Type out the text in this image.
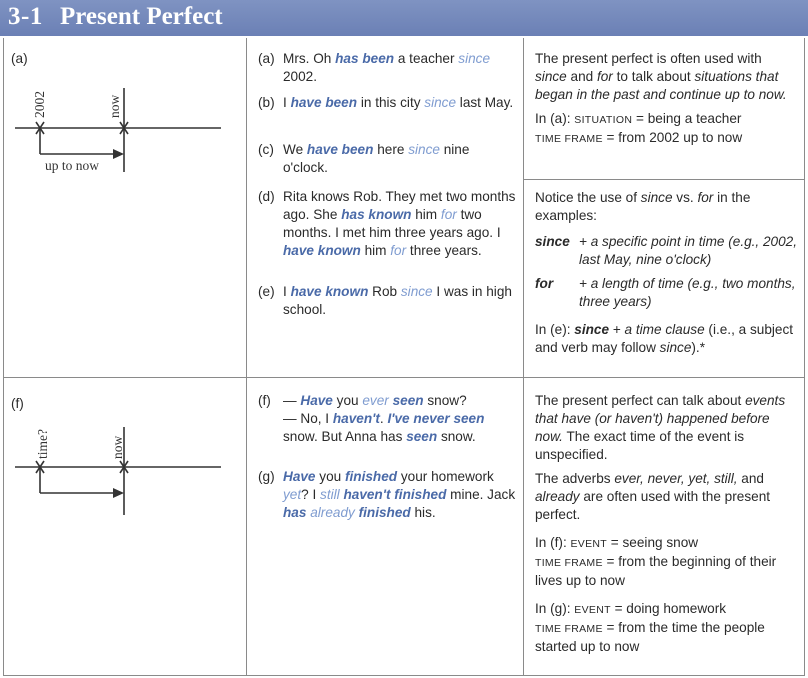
3-1 Present Perfect
(a)
2002	now
up to now
(f)
time?	now
(a) Mrs. Oh has been a teacher since 2002.
(b) I have been in this city since last May.
(c) We have been here since nine o'clock.
(d) Rita knows Rob. They met two months ago. She has known him for two months. I met him three years ago. I have known him for three years.
(e) I have known Rob since I was in high school.
(f) — Have you ever seen snow?
— No, I haven't. I've never seen snow. But Anna has seen snow.
(g) Have you finished your homework yet? I still haven't finished mine. Jack has already finished his.

The present perfect is often used with since and for to talk about situations that began in the past and continue up to now.

In (a): SITUATION = being a teacher
TIME FRAME = from 2002 up to now

Notice the use of since vs. for in the examples:

since + a specific point in time (e.g., 2002, last May, nine o'clock)
for	+ a length of time (e.g., two months, three years)

In (e): since + a time clause (i.e., a subject and verb may follow since).*

The present perfect can talk about events that have (or haven't) happened before now. The exact time of the event is unspecified.

The adverbs ever, never, yet, still, and already are often used with the present perfect.

In (f): EVENT = seeing snow
TIME FRAME = from the beginning of their lives up to now

In (g): EVENT = doing homework
TIME FRAME = from the time the people started up to now
